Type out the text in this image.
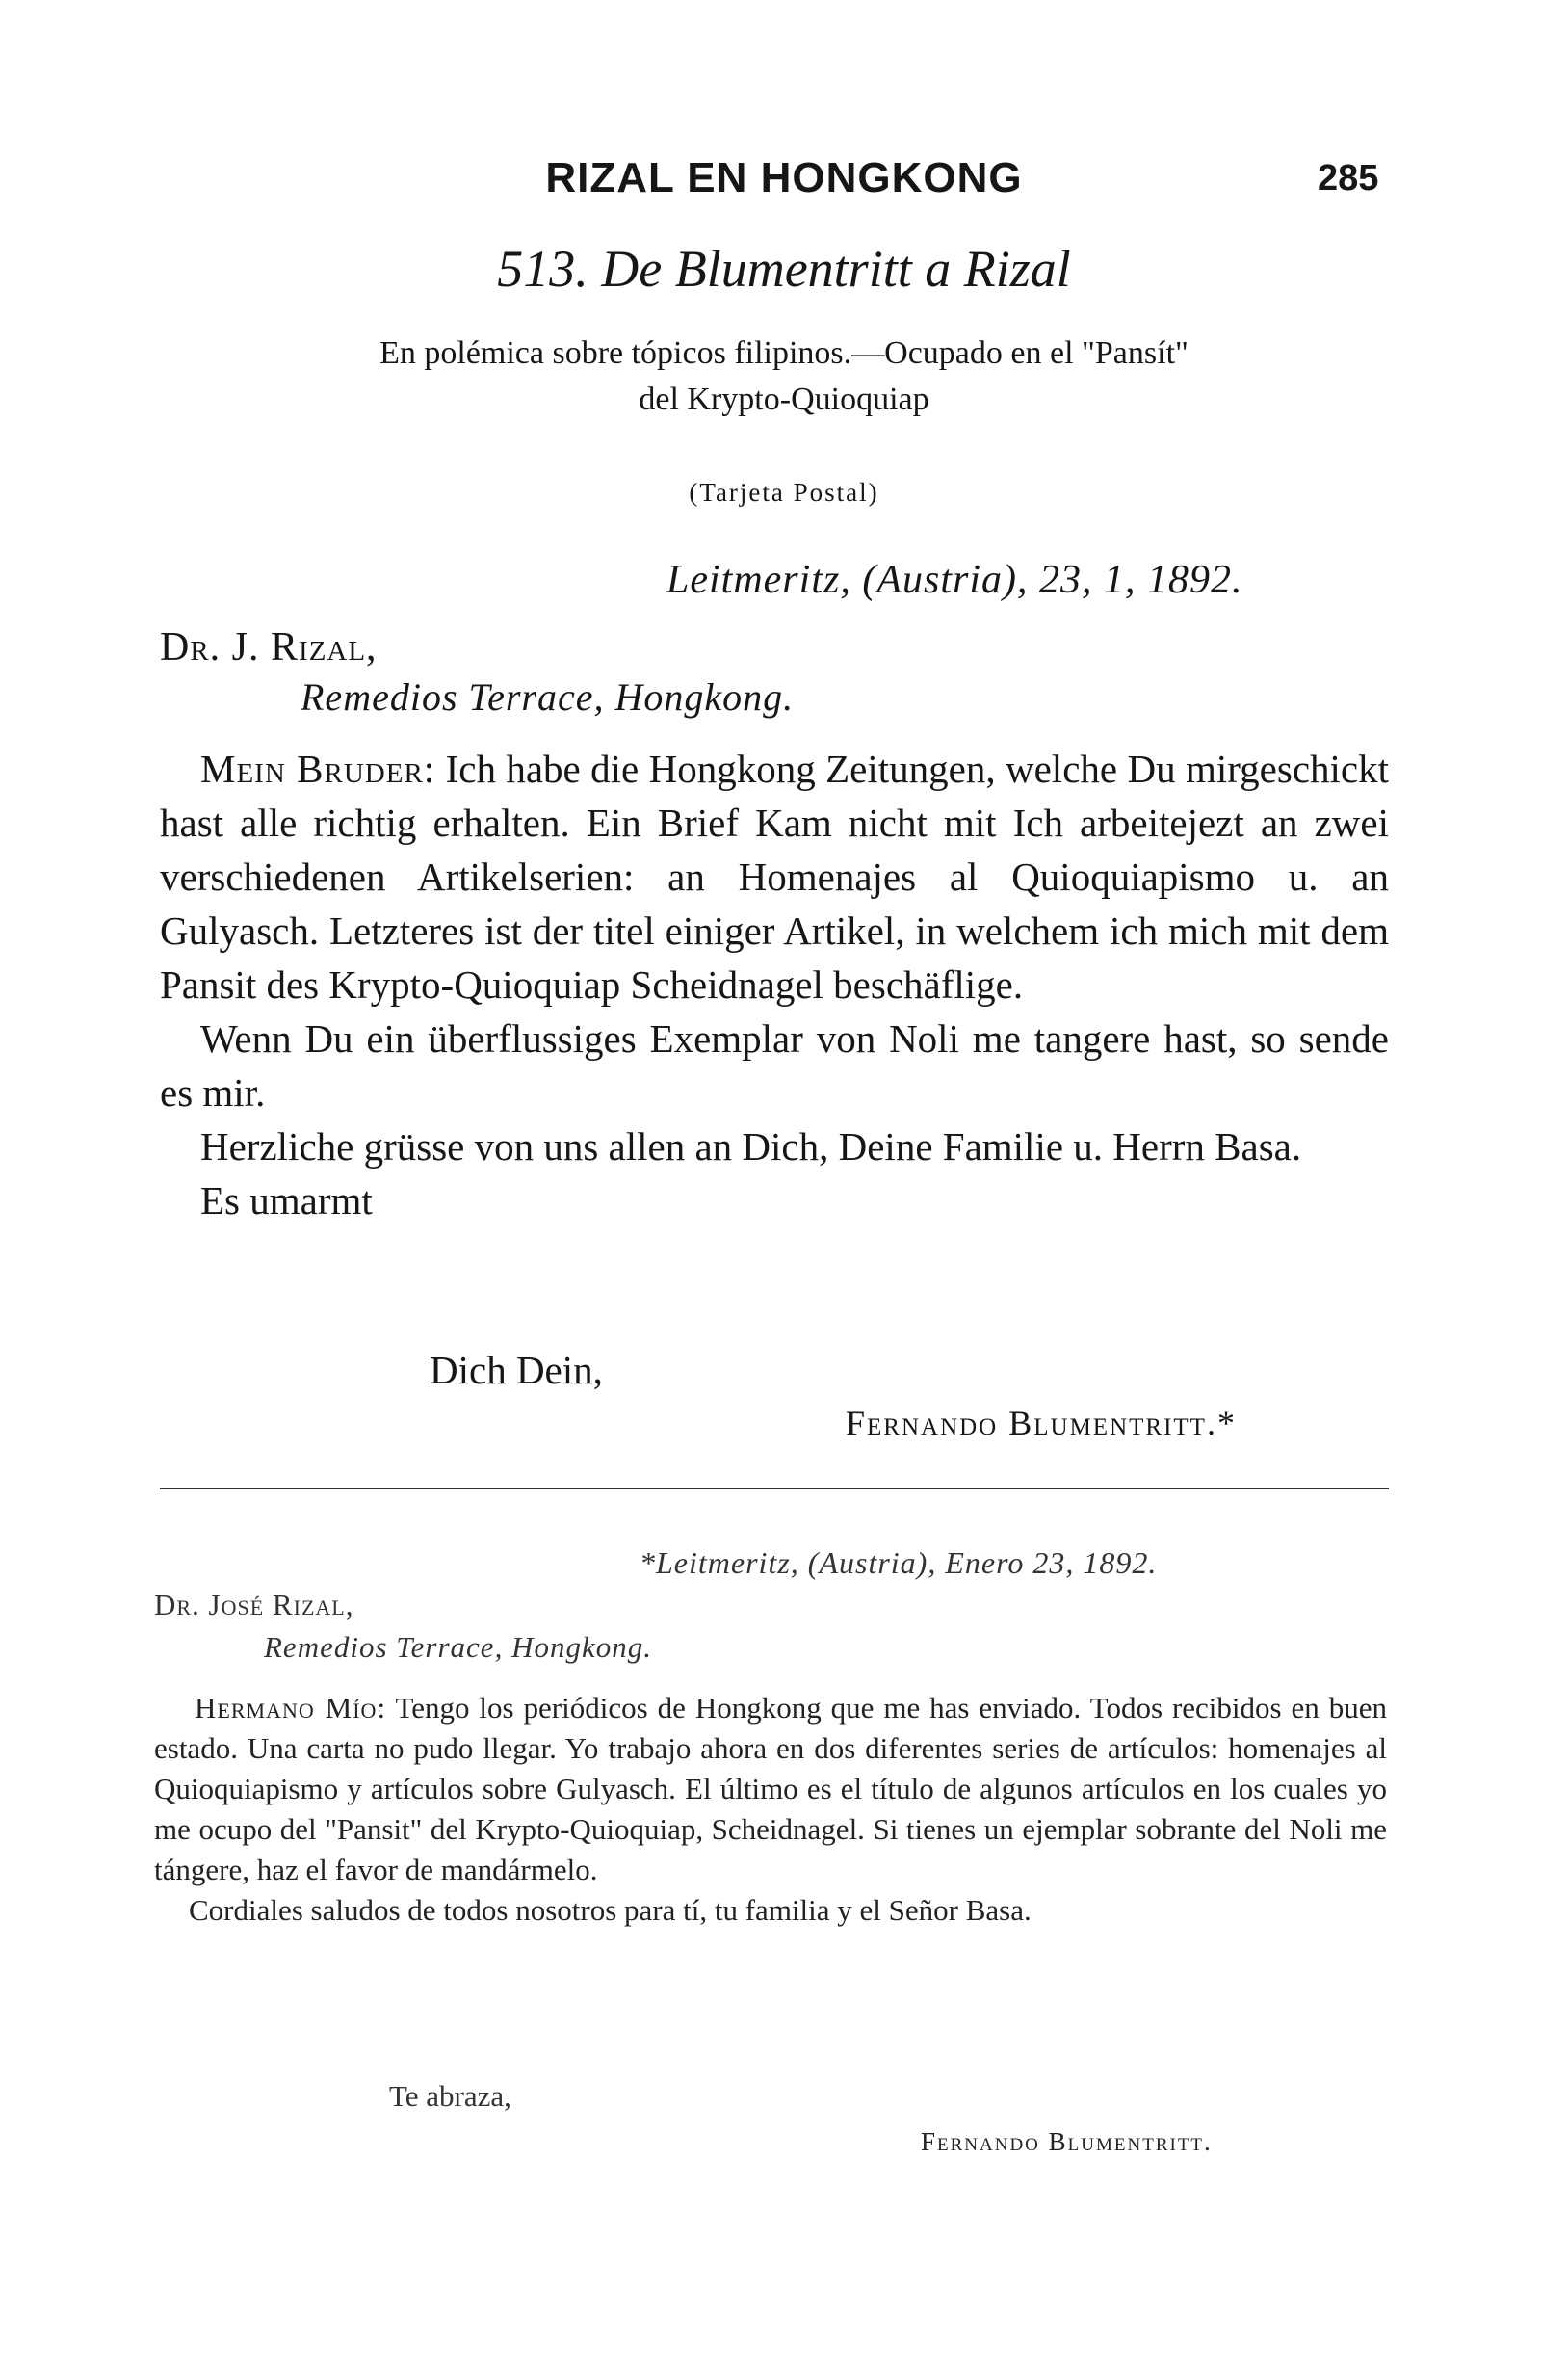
RIZAL EN HONGKONG	285
513. De Blumentritt a Rizal
En polémica sobre tópicos filipinos.—Ocupado en el "Pansít"
del Krypto-Quioquiap
(Tarjeta Postal)
Leitmeritz, (Austria), 23, 1, 1892.
Dr. J. Rizal,
Remedios Terrace, Hongkong.

Mein Bruder: Ich habe die Hongkong Zeitungen, welche Du mirgeschickt hast alle richtig erhalten. Ein Brief Kam nicht mit Ich arbeitejezt an zwei verschiedenen Artikelserien: an Homenajes al Quioquiapismo u. an Gulyasch. Letzteres ist der titel einiger Artikel, in welchem ich mich mit dem Pansit des Krypto-Quioquiap Scheidnagel beschäflige.

Wenn Du ein überflussiges Exemplar von Noli me tangere hast, so sende es mir.

Herzliche grüsse von uns allen an Dich, Deine Familie u. Herrn Basa.

Es umarmt

Dich Dein,
Fernando Blumentritt.*
*Leitmeritz, (Austria), Enero 23, 1892.
Dr. José Rizal,
Remedios Terrace, Hongkong.

Hermano Mío: Tengo los periódicos de Hongkong que me has enviado. Todos recibidos en buen estado. Una carta no pudo llegar. Yo trabajo ahora en dos diferentes series de artículos: homenajes al Quioquiapismo y artículos sobre Gulyasch. El último es el título de algunos artículos en los cuales yo me ocupo del "Pansit" del Krypto-Quioquiap, Scheidnagel. Si tienes un ejemplar sobrante del Noli me tángere, haz el favor de mandármelo.

Cordiales saludos de todos nosotros para tí, tu familia y el Señor Basa.

Te abraza,
Fernando Blumentritt.
